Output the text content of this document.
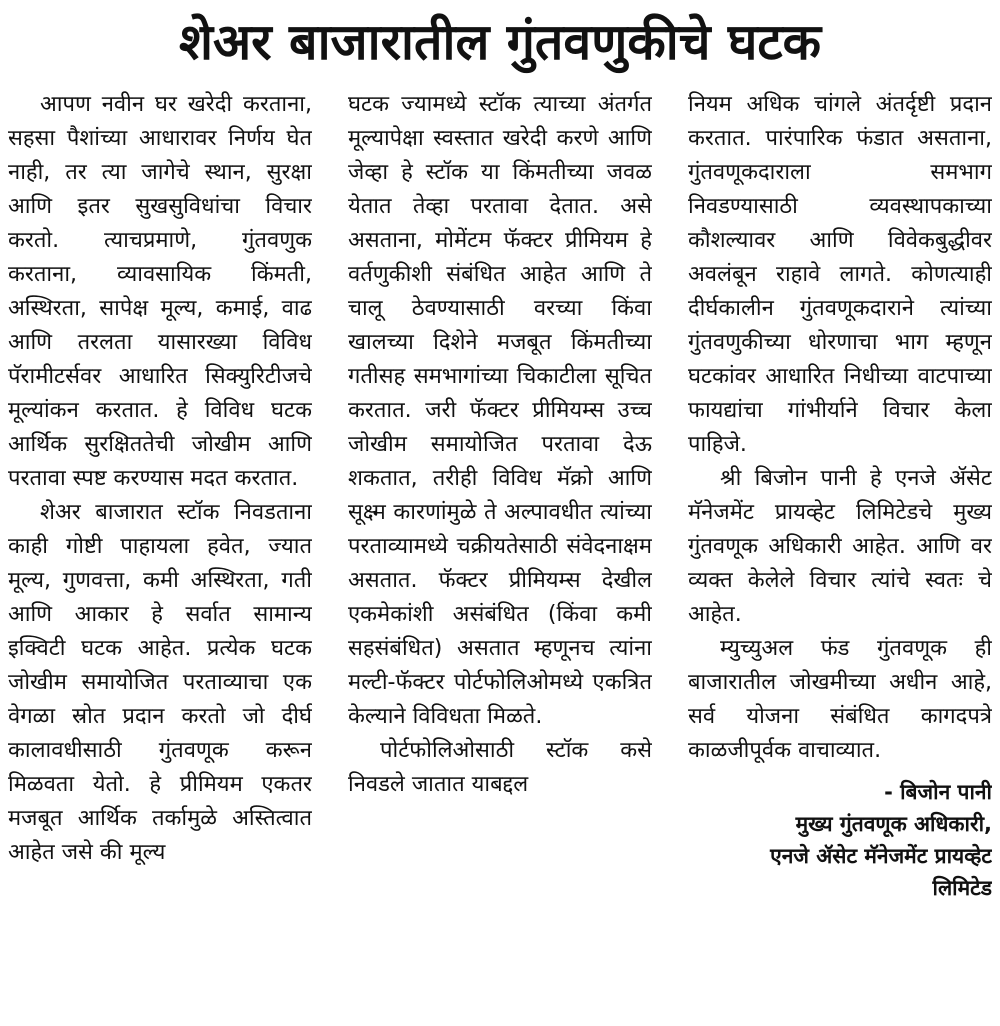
शेअर बाजारातील गुंतवणुकीचे घटक

आपण नवीन घर खरेदी करताना, सहसा पैशांच्या आधारावर निर्णय घेत नाही, तर त्या जागेचे स्थान, सुरक्षा आणि इतर सुखसुविधांचा विचार करतो. त्याचप्रमाणे, गुंतवणुक करताना, व्यावसायिक किंमती, अस्थिरता, सापेक्ष मूल्य, कमाई, वाढ आणि तरलता यासारख्या विविध पॅरामीटर्सवर आधारित सिक्युरिटीजचे मूल्यांकन करतात. हे विविध घटक आर्थिक सुरक्षिततेची जोखीम आणि परतावा स्पष्ट करण्यास मदत करतात.

शेअर बाजारात स्टॉक निवडताना काही गोष्टी पाहायला हवेत, ज्यात मूल्य, गुणवत्ता, कमी अस्थिरता, गती आणि आकार हे सर्वात सामान्य इक्विटी घटक आहेत. प्रत्येक घटक जोखीम समायोजित परताव्याचा एक वेगळा स्रोत प्रदान करतो जो दीर्घ कालावधीसाठी गुंतवणूक करून मिळवता येतो. हे प्रीमियम एकतर मजबूत आर्थिक तर्कामुळे अस्तित्वात आहेत जसे की मूल्य

घटक ज्यामध्ये स्टॉक त्याच्या अंतर्गत मूल्यापेक्षा स्वस्तात खरेदी करणे आणि जेव्हा हे स्टॉक या किंमतीच्या जवळ येतात तेव्हा परतावा देतात. असे असताना, मोमेंटम फॅक्टर प्रीमियम हे वर्तणुकीशी संबंधित आहेत आणि ते चालू ठेवण्यासाठी वरच्या किंवा खालच्या दिशेने मजबूत किंमतीच्या गतीसह समभागांच्या चिकाटीला सूचित करतात. जरी फॅक्टर प्रीमियम्स उच्च जोखीम समायोजित परतावा देऊ शकतात, तरीही विविध मॅक्रो आणि सूक्ष्म कारणांमुळे ते अल्पावधीत त्यांच्या परताव्यामध्ये चक्रीयतेसाठी संवेदनाक्षम असतात. फॅक्टर प्रीमियम्स देखील एकमेकांशी असंबंधित (किंवा कमी सहसंबंधित) असतात म्हणूनच त्यांना मल्टी-फॅक्टर पोर्टफोलिओमध्ये एकत्रित केल्याने विविधता मिळते.

पोर्टफोलिओसाठी स्टॉक कसे निवडले जातात याबद्दल

नियम अधिक चांगले अंतर्दृष्टी प्रदान करतात. पारंपारिक फंडात असताना, गुंतवणूकदाराला समभाग निवडण्यासाठी व्यवस्थापकाच्या कौशल्यावर आणि विवेकबुद्धीवर अवलंबून राहावे लागते. कोणत्याही दीर्घकालीन गुंतवणूकदाराने त्यांच्या गुंतवणुकीच्या धोरणाचा भाग म्हणून घटकांवर आधारित निधीच्या वाटपाच्या फायद्यांचा गांभीर्याने विचार केला पाहिजे.

श्री बिजोन पानी हे एनजे ॲसेट मॅनेजमेंट प्रायव्हेट लिमिटेडचे मुख्य गुंतवणूक अधिकारी आहेत. आणि वर व्यक्त केलेले विचार त्यांचे स्वतः चे आहेत.

म्युच्युअल फंड गुंतवणूक ही बाजारातील जोखमीच्या अधीन आहे, सर्व योजना संबंधित कागदपत्रे काळजीपूर्वक वाचाव्यात.

- बिजोन पानी
मुख्य गुंतवणूक अधिकारी,
एनजे ॲसेट मॅनेजमेंट प्रायव्हेट
लिमिटेड
